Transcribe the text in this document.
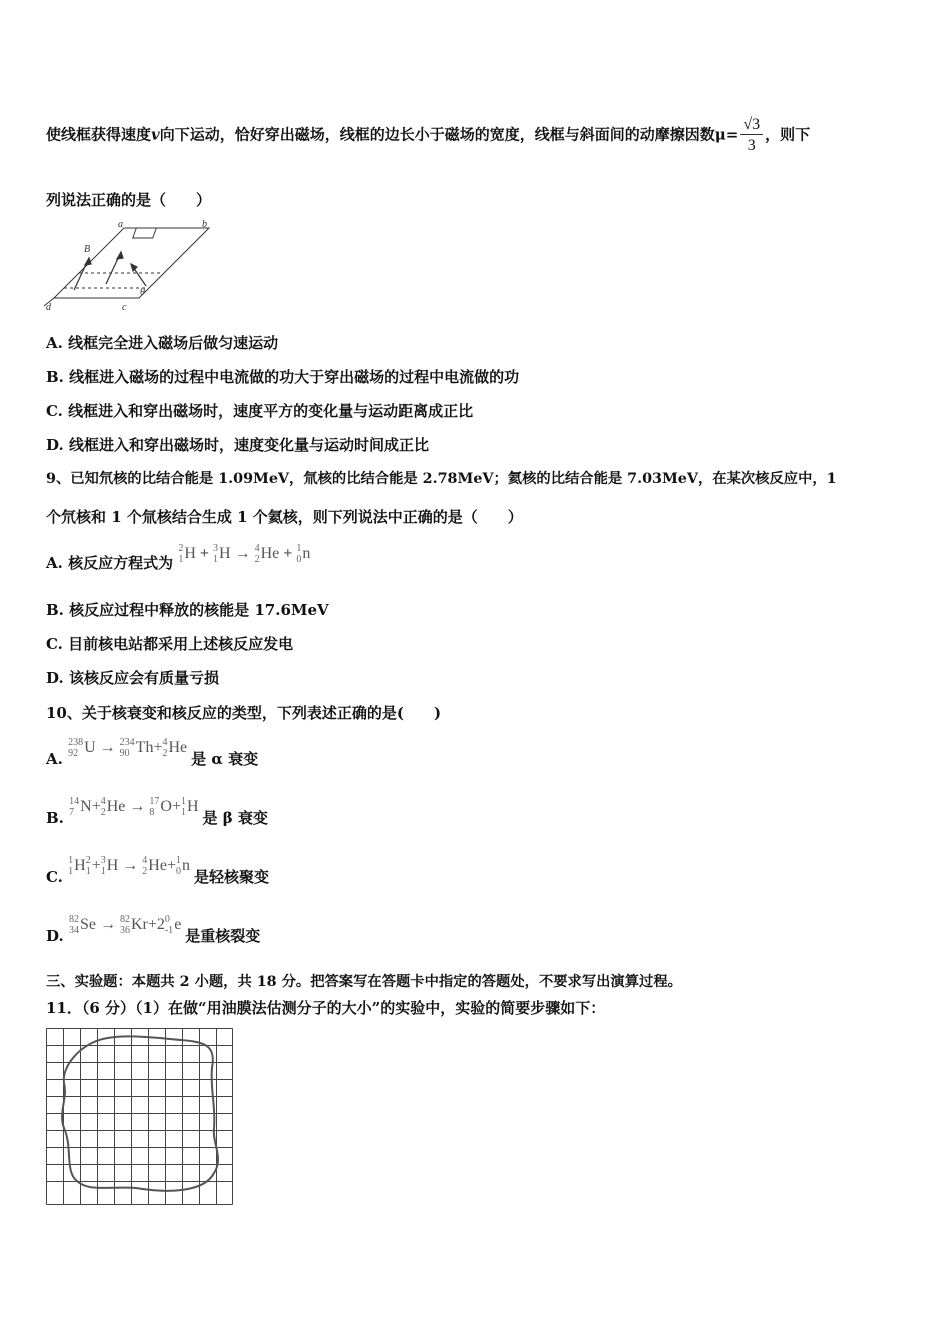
使线框获得速度v向下运动，恰好穿出磁场，线框的边长小于磁场的宽度，线框与斜面间的动摩擦因数$\mu= \frac{√3}{3}$ ，则下
列说法正确的是（　　）
a	b
B
d	c
θ
A. 线框完全进入磁场后做匀速运动
B. 线框进入磁场的过程中电流做的功大于穿出磁场的过程中电流做的功
C. 线框进入和穿出磁场时，速度平方的变化量与运动距离成正比
D. 线框进入和穿出磁场时，速度变化量与运动时间成正比
9、已知氘核的比结合能是 1.09MeV，氚核的比结合能是 2.78MeV；氦核的比结合能是 7.03MeV，在某次核反应中，1
个氘核和 1 个氚核结合生成 1 个氦核，则下列说法中正确的是（　　）
A. 核反应方程式为 2
1H + 3
1H → 4
2He + 1
0n
B. 核反应过程中释放的核能是 17.6MeV
C. 目前核电站都采用上述核反应发电
D. 该核反应会有质量亏损
10、关于核衰变和核反应的类型，下列表述正确的是(　　)
A. 238
92 U → 234
90 Th+4
2He 是 α 衰变
B. 14
7 N+4
2He → 17
8 O+1
1H 是 β 衰变
C. 1
1H2
1+3
1H → 4
2He+1
0n 是轻核聚变
D. 82
34Se → 82
36Kr+20
-1e 是重核裂变
三、实验题：本题共 2 小题，共 18 分。把答案写在答题卡中指定的答题处，不要求写出演算过程。
11．（6 分）（1）在做“用油膜法估测分子的大小”的实验中，实验的简要步骤如下：
